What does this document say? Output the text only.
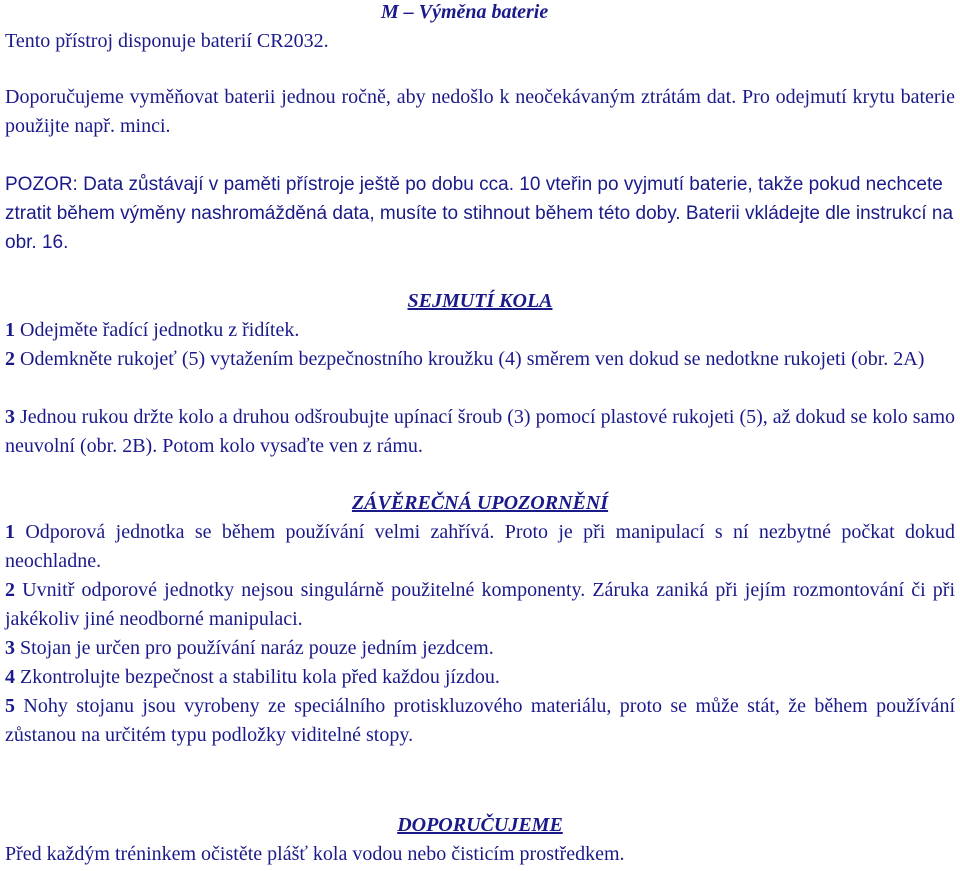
M – Výměna baterie

Tento přístroj disponuje baterií CR2032.

Doporučujeme vyměňovat baterii jednou ročně, aby nedošlo k neočekávaným ztrátám dat. Pro odejmutí krytu baterie použijte např. minci.

POZOR: Data zůstávají v paměti přístroje ještě po dobu cca. 10 vteřin po vyjmutí baterie, takže pokud nechcete ztratit během výměny nashromážděná data, musíte to stihnout během této doby. Baterii vkládejte dle instrukcí na obr. 16.

SEJMUTÍ KOLA

1 Odejměte řadící jednotku z řidítek.

2 Odemkněte rukojeť (5) vytažením bezpečnostního kroužku (4) směrem ven dokud se nedotkne rukojeti (obr. 2A)

3 Jednou rukou držte kolo a druhou odšroubujte upínací šroub (3) pomocí plastové rukojeti (5), až dokud se kolo samo neuvolní (obr. 2B). Potom kolo vysaďte ven z rámu.

ZÁVĚREČNÁ UPOZORNĚNÍ

1 Odporová jednotka se během používání velmi zahřívá. Proto je při manipulací s ní nezbytné počkat dokud neochladne.

2 Uvnitř odporové jednotky nejsou singulárně použitelné komponenty. Záruka zaniká při jejím rozmontování či při jakékoliv jiné neodborné manipulaci.

3 Stojan je určen pro používání naráz pouze jedním jezdcem.

4 Zkontrolujte bezpečnost a stabilitu kola před každou jízdou.

5 Nohy stojanu jsou vyrobeny ze speciálního protiskluzového materiálu, proto se může stát, že během používání zůstanou na určitém typu podložky viditelné stopy.

DOPORUČUJEME

Před každým tréninkem očistěte plášť kola vodou nebo čisticím prostředkem.
